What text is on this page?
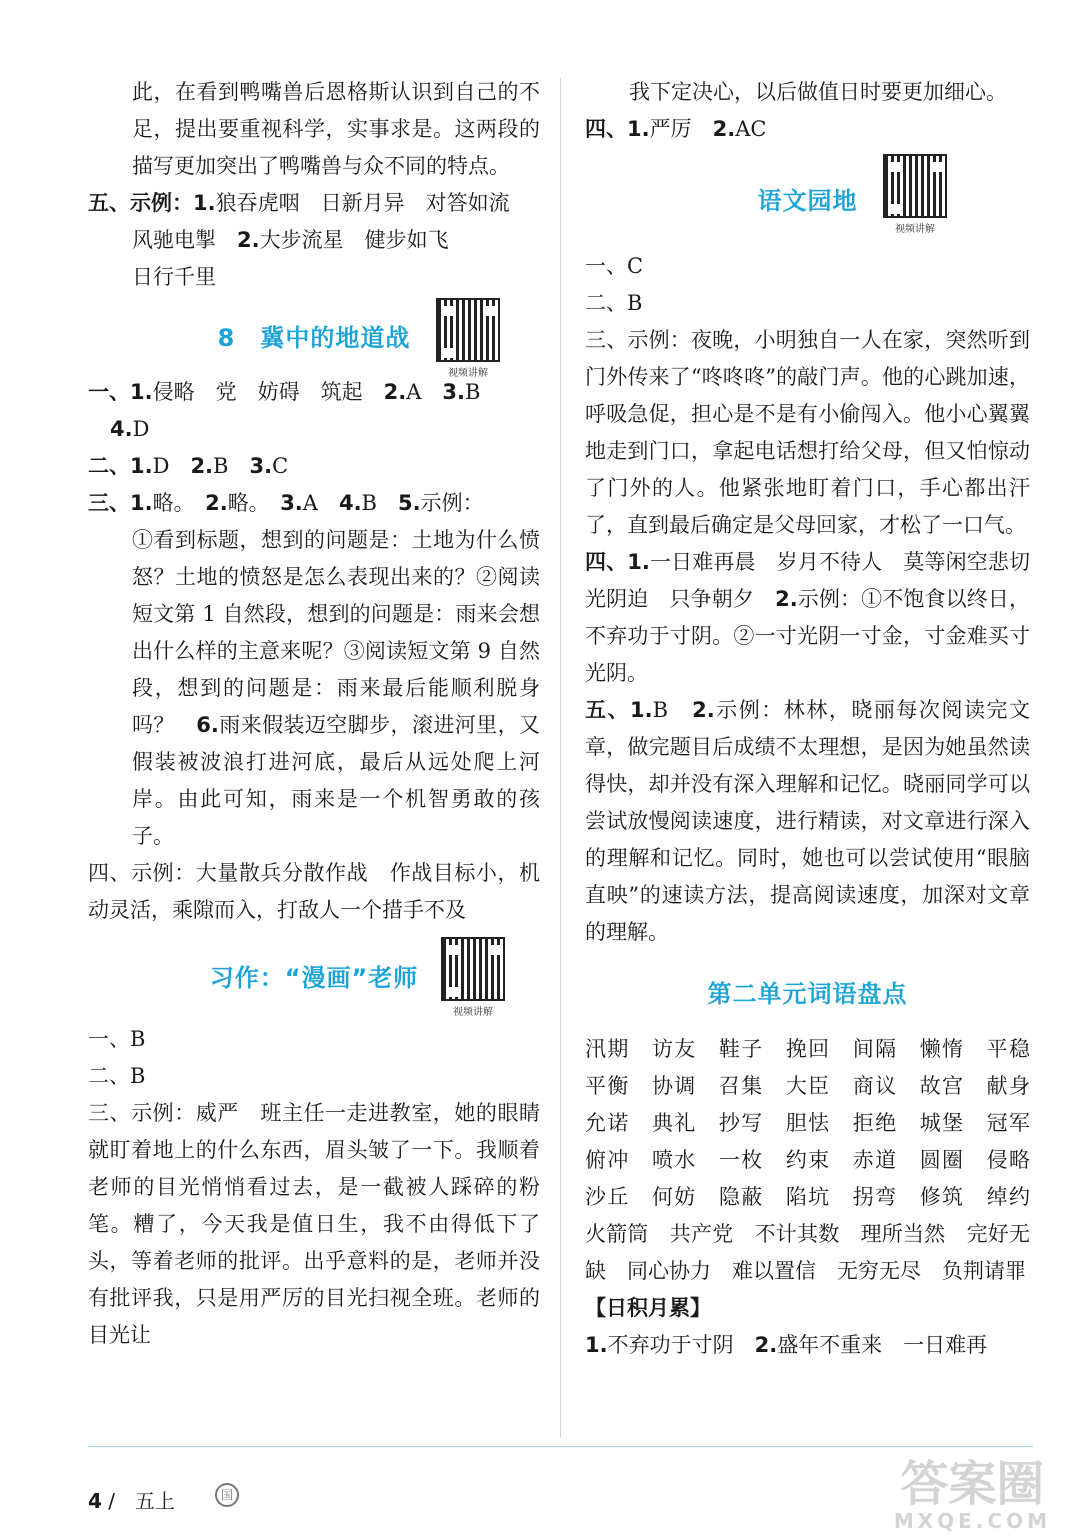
此，在看到鸭嘴兽后恩格斯认识到自己的不足，提出要重视科学，实事求是。这两段的描写更加突出了鸭嘴兽与众不同的特点。

五、示例：1.狼吞虎咽　日新月异　对答如流

风驰电掣　 2.大步流星　健步如飞

日行千里

8　冀中的地道战
视频讲解

一、1.侵略　党　妨碍　筑起　 2.A　 3.B

4.D

二、1.D　 2.B　 3.C

三、1.略。　 2.略。　 3.A　 4.B　 5.示例：

①看到标题，想到的问题是：土地为什么愤怒？土地的愤怒是怎么表现出来的？②阅读短文第 1 自然段，想到的问题是：雨来会想出什么样的主意来呢？③阅读短文第 9 自然段，想到的问题是：雨来最后能顺利脱身吗？　 6.雨来假装迈空脚步，滚进河里，又假装被波浪打进河底，最后从远处爬上河岸。由此可知，雨来是一个机智勇敢的孩子。

四、示例：大量散兵分散作战　作战目标小，机动灵活，乘隙而入，打敌人一个措手不及

习作：“漫画”老师
视频讲解

一、B

二、B

三、示例：威严　班主任一走进教室，她的眼睛就盯着地上的什么东西，眉头皱了一下。我顺着老师的目光悄悄看过去，是一截被人踩碎的粉笔。糟了，今天我是值日生，我不由得低下了头，等着老师的批评。出乎意料的是，老师并没有批评我，只是用严厉的目光扫视全班。老师的目光让

我下定决心，以后做值日时要更加细心。

四、1.严厉　 2.AC

语文园地
视频讲解

一、C

二、B

三、示例：夜晚，小明独自一人在家，突然听到门外传来了“咚咚咚”的敲门声。他的心跳加速，呼吸急促，担心是不是有小偷闯入。他小心翼翼地走到门口，拿起电话想打给父母，但又怕惊动了门外的人。他紧张地盯着门口，手心都出汗了，直到最后确定是父母回家，才松了一口气。

四、1.一日难再晨　岁月不待人　莫等闲空悲切　光阴迫　只争朝夕　 2.示例：①不饱食以终日，不弃功于寸阴。②一寸光阴一寸金，寸金难买寸光阴。

五、1.B　 2.示例：林林，晓丽每次阅读完文章，做完题目后成绩不太理想，是因为她虽然读得快，却并没有深入理解和记忆。晓丽同学可以尝试放慢阅读速度，进行精读，对文章进行深入的理解和记忆。同时，她也可以尝试使用“眼脑直映”的速读方法，提高阅读速度，加深对文章的理解。

第二单元词语盘点

汛期　访友　鞋子　挽回　间隔　懒惰　平稳　平衡　协调　召集　大臣　商议　故宫　献身　允诺　典礼　抄写　胆怯　拒绝　城堡　冠军　俯冲　喷水　一枚　约束　赤道　圆圈　侵略　沙丘　何妨　隐蔽　陷坑　拐弯　修筑　绰约　火箭筒　共产党　不计其数　理所当然　完好无缺　同心协力　难以置信　无穷无尽　负荆请罪

【日积月累】

1.不弃功于寸阴　 2.盛年不重来　一日难再

4 /　五上	国	答案圈
MXQE.COM
